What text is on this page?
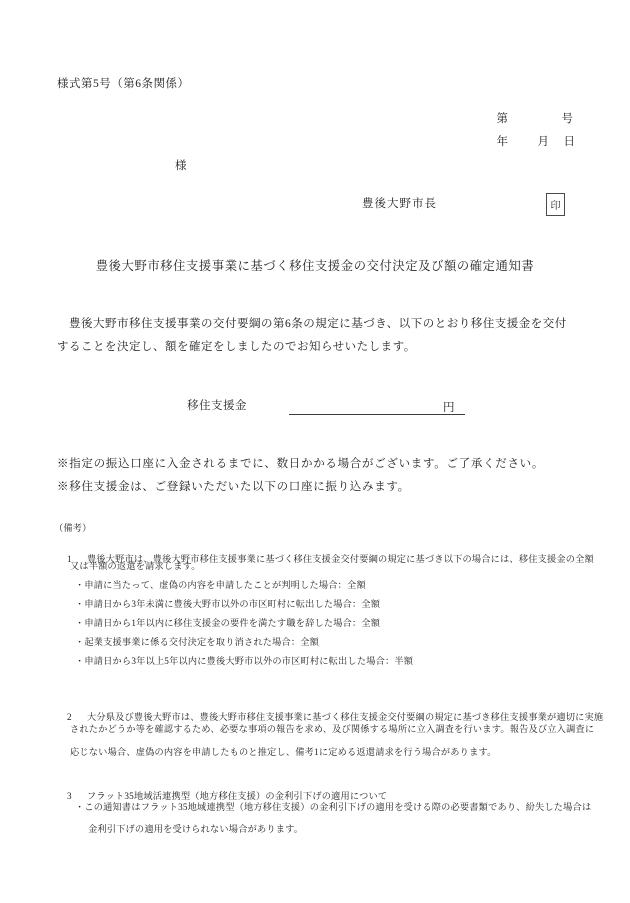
様式第5号（第6条関係）

第	号

年	月 日

様
豊後大野市長	印
豊後大野市移住支援事業に基づく移住支援金の交付決定及び額の確定通知書
　豊後大野市移住支援事業の交付要綱の第6条の規定に基づき、以下のとおり移住支援金を交付
することを決定し、額を確定をしましたのでお知らせいたします。
移住支援金	円
※指定の振込口座に入金されるまでに、数日かかる場合がございます。ご了承ください。
※移住支援金は、ご登録いただいた以下の口座に振り込みます。
（備考）

1 豊後大野市は、豊後大野市移住支援事業に基づく移住支援金交付要綱の規定に基づき以下の場合には、移住支援金の全額

又は半額の返還を請求します。
・申請に当たって、虚偽の内容を申請したことが判明した場合：全額
・申請日から3年未満に豊後大野市以外の市区町村に転出した場合：全額
・申請日から1年以内に移住支援金の要件を満たす職を辞した場合：全額
・起業支援事業に係る交付決定を取り消された場合：全額
・申請日から3年以上5年以内に豊後大野市以外の市区町村に転出した場合：半額

2 大分県及び豊後大野市は、豊後大野市移住支援事業に基づく移住支援金交付要綱の規定に基づき移住支援事業が適切に実施

されたかどうか等を確認するため、必要な事項の報告を求め、及び関係する場所に立入調査を行います。報告及び立入調査に
応じない場合、虚偽の内容を申請したものと推定し、備考1に定める返還請求を行う場合があります。

3 フラット35地域活連携型（地方移住支援）の金利引下げの適用について

・この通知書はフラット35地域連携型（地方移住支援）の金利引下げの適用を受ける際の必要書類であり、紛失した場合は
金利引下げの適用を受けられない場合があります。
